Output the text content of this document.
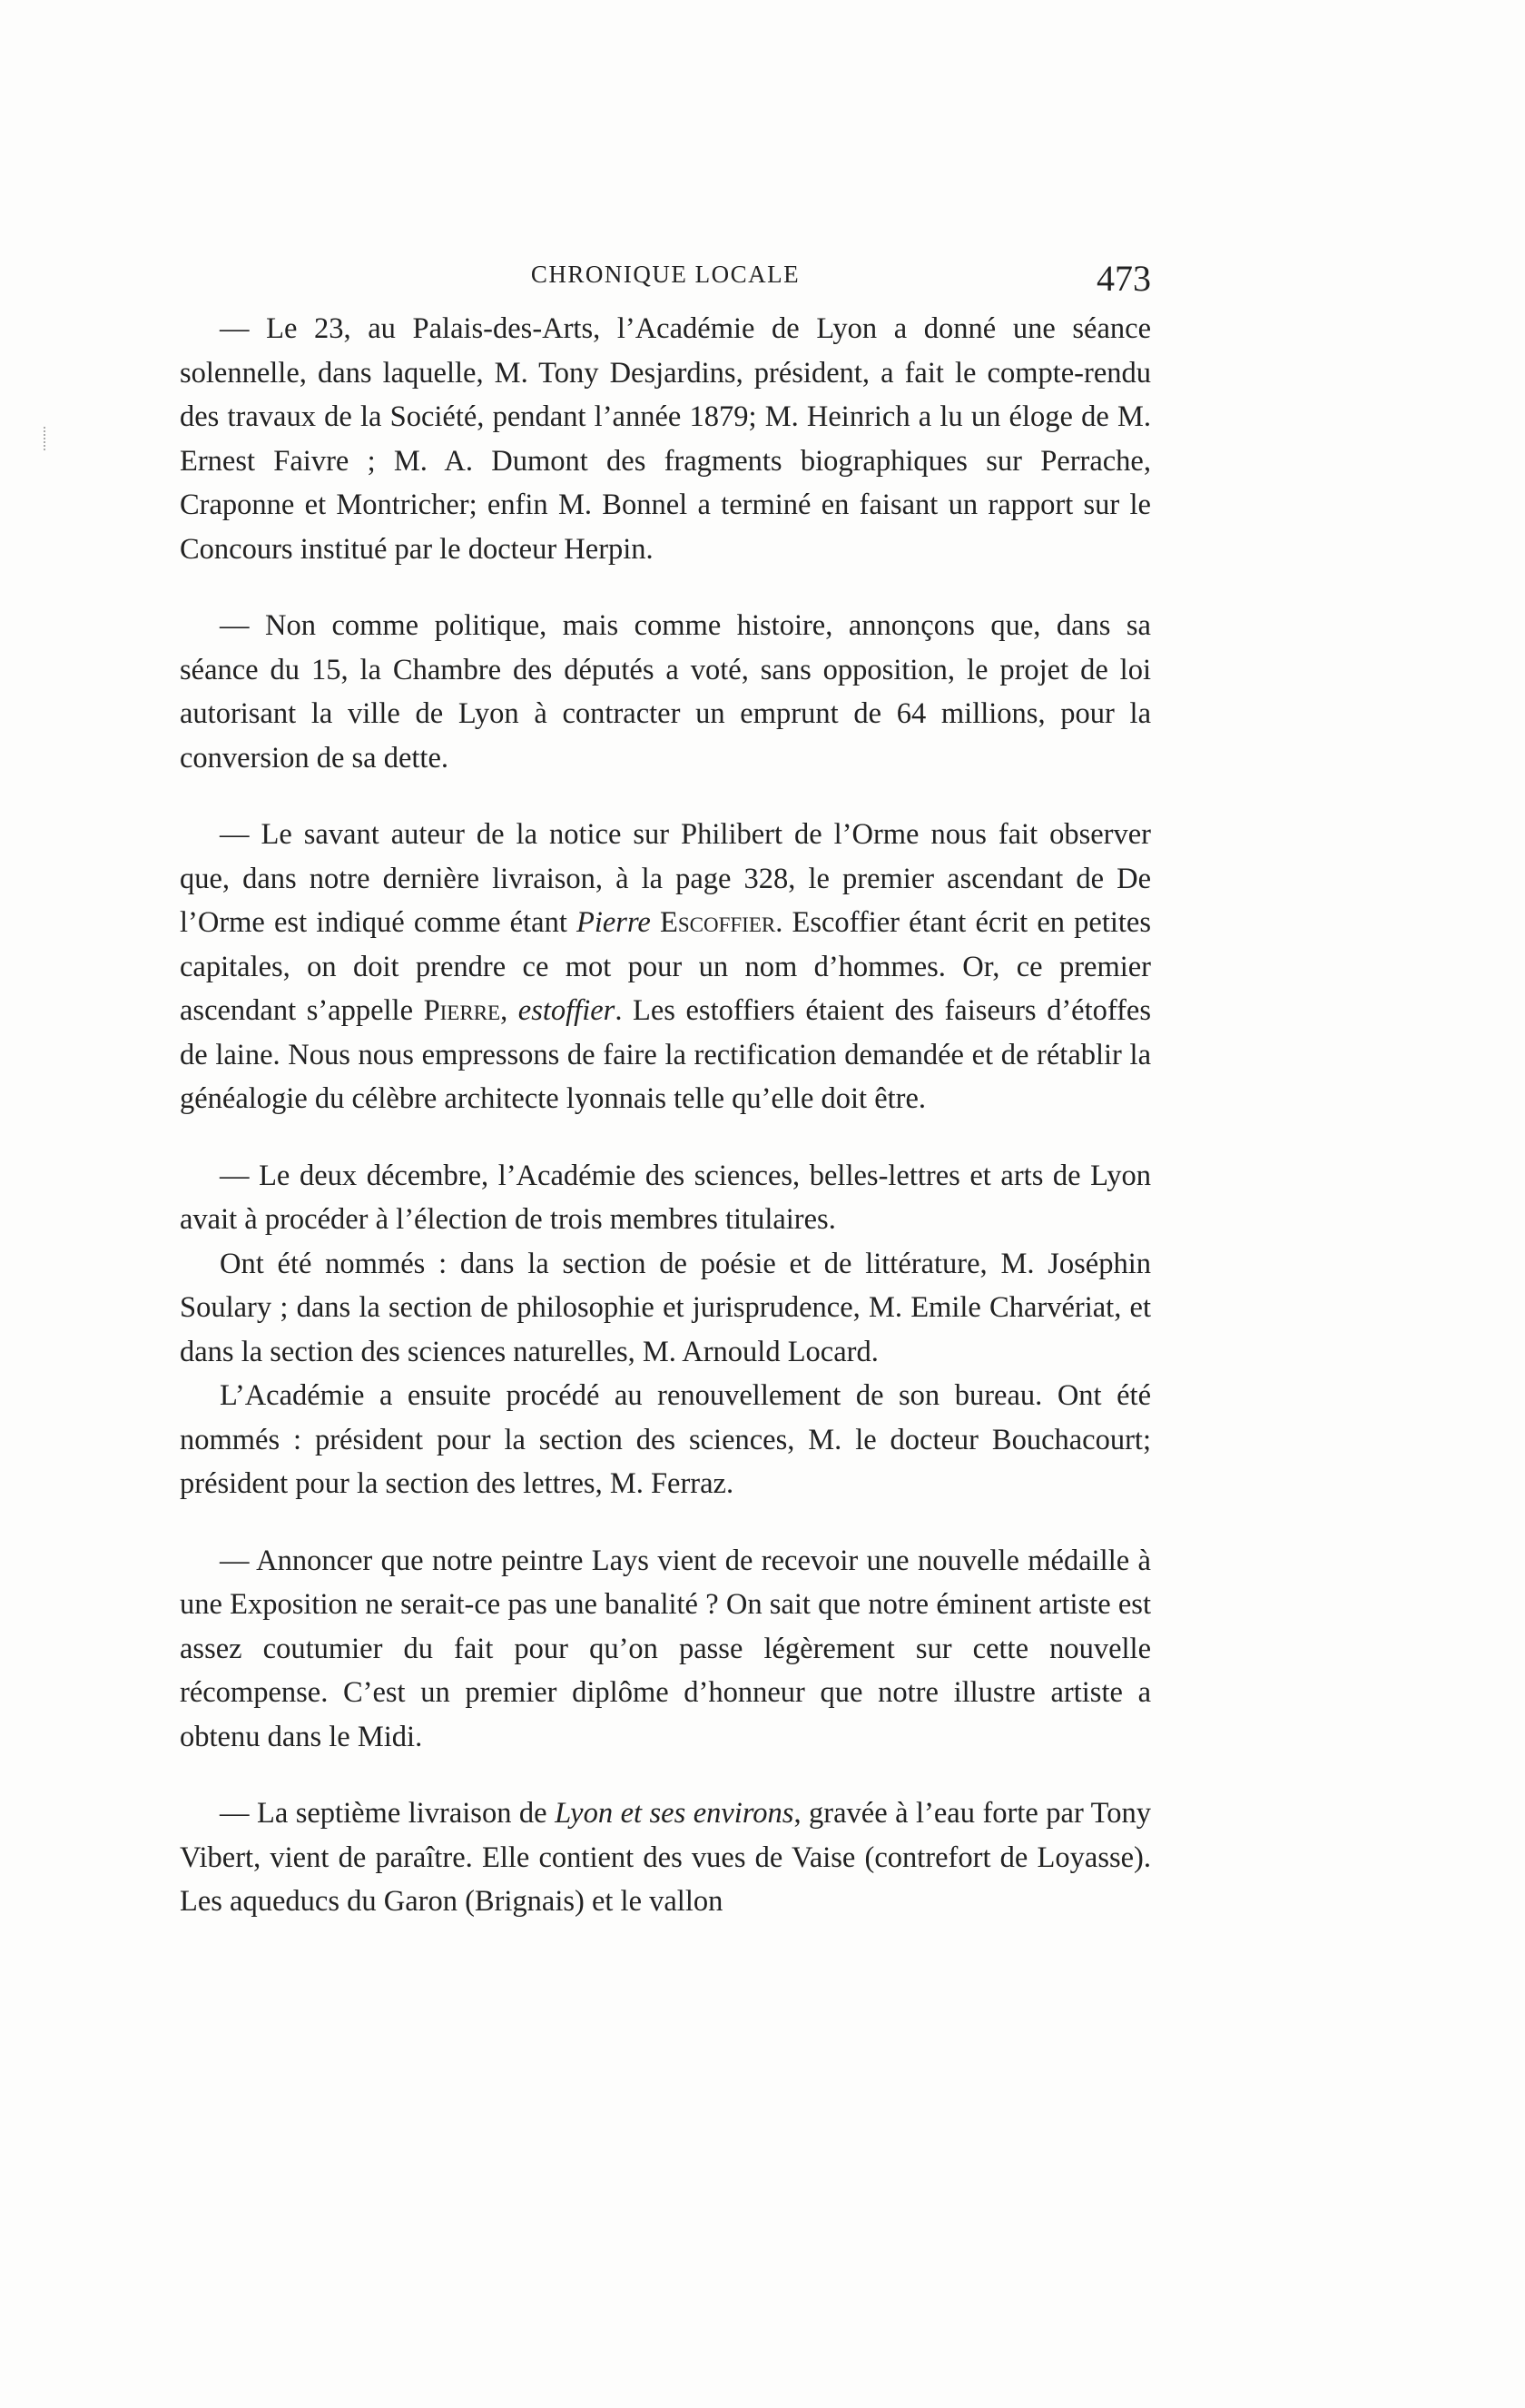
CHRONIQUE LOCALE	473

— Le 23, au Palais-des-Arts, l’Académie de Lyon a donné une séance solennelle, dans laquelle, M. Tony Desjardins, président, a fait le compte-rendu des travaux de la Société, pendant l’année 1879; M. Heinrich a lu un éloge de M. Ernest Faivre ; M. A. Dumont des fragments biographiques sur Perrache, Craponne et Montricher; enfin M. Bonnel a terminé en faisant un rapport sur le Concours institué par le docteur Herpin.

— Non comme politique, mais comme histoire, annonçons que, dans sa séance du 15, la Chambre des députés a voté, sans opposition, le projet de loi autorisant la ville de Lyon à contracter un emprunt de 64 millions, pour la conversion de sa dette.

— Le savant auteur de la notice sur Philibert de l’Orme nous fait observer que, dans notre dernière livraison, à la page 328, le premier ascendant de De l’Orme est indiqué comme étant Pierre Escoffier. Escoffier étant écrit en petites capitales, on doit prendre ce mot pour un nom d’hommes. Or, ce premier ascendant s’appelle Pierre, estoffier. Les estoffiers étaient des faiseurs d’étoffes de laine. Nous nous empressons de faire la rectification demandée et de rétablir la généalogie du célèbre architecte lyonnais telle qu’elle doit être.

— Le deux décembre, l’Académie des sciences, belles-lettres et arts de Lyon avait à procéder à l’élection de trois membres titulaires.

Ont été nommés : dans la section de poésie et de littérature, M. Joséphin Soulary ; dans la section de philosophie et jurisprudence, M. Emile Charvériat, et dans la section des sciences naturelles, M. Arnould Locard.

L’Académie a ensuite procédé au renouvellement de son bureau. Ont été nommés : président pour la section des sciences, M. le docteur Bouchacourt; président pour la section des lettres, M. Ferraz.

— Annoncer que notre peintre Lays vient de recevoir une nouvelle médaille à une Exposition ne serait-ce pas une banalité ? On sait que notre éminent artiste est assez coutumier du fait pour qu’on passe légèrement sur cette nouvelle récompense. C’est un premier diplôme d’honneur que notre illustre artiste a obtenu dans le Midi.

— La septième livraison de Lyon et ses environs, gravée à l’eau forte par Tony Vibert, vient de paraître. Elle contient des vues de Vaise (contrefort de Loyasse). Les aqueducs du Garon (Brignais) et le vallon
